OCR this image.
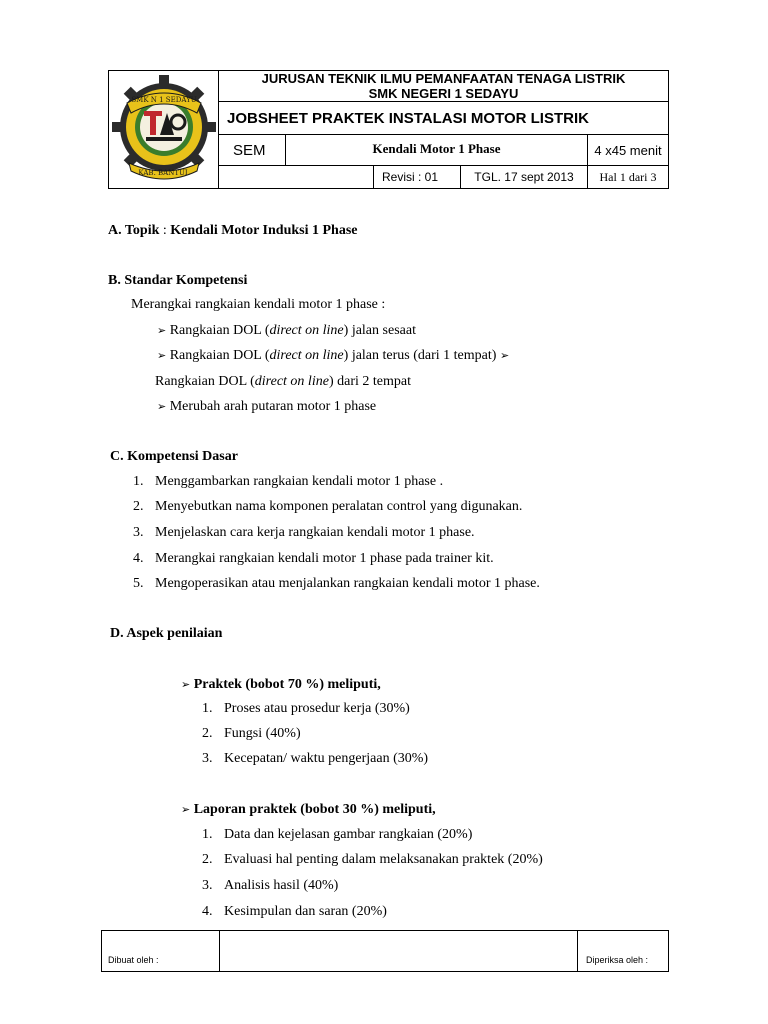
SMK N 1 SEDAYU
KAB. BANTUL
JURUSAN TEKNIK ILMU PEMANFAATAN TENAGA LISTRIK
SMK NEGERI 1 SEDAYU
JOBSHEET PRAKTEK INSTALASI MOTOR LISTRIK
SEM	Kendali Motor 1 Phase	4 x45 menit
Revisi : 01	TGL. 17 sept 2013	Hal 1 dari 3
A. Topik : Kendali Motor Induksi 1 Phase
B. Standar Kompetensi
Merangkai rangkaian kendali motor 1 phase :
➢ Rangkaian DOL (direct on line) jalan sesaat
➢ Rangkaian DOL (direct on line) jalan terus (dari 1 tempat) ➢
Rangkaian DOL (direct on line) dari 2 tempat
➢ Merubah arah putaran motor 1 phase
C. Kompetensi Dasar
1. Menggambarkan rangkaian kendali motor 1 phase .
2. Menyebutkan nama komponen peralatan control yang digunakan.
3. Menjelaskan cara kerja rangkaian kendali motor 1 phase.
4. Merangkai rangkaian kendali motor 1 phase pada trainer kit.
5. Mengoperasikan atau menjalankan rangkaian kendali motor 1 phase.
D. Aspek penilaian
➢ Praktek (bobot 70 %) meliputi,
1. Proses atau prosedur kerja (30%)
2. Fungsi (40%)
3. Kecepatan/ waktu pengerjaan (30%)
➢ Laporan praktek (bobot 30 %) meliputi,
1. Data dan kejelasan gambar rangkaian (20%)
2. Evaluasi hal penting dalam melaksanakan praktek (20%)
3. Analisis hasil (40%)
4. Kesimpulan dan saran (20%)
Dibuat oleh :	Diperiksa oleh :
